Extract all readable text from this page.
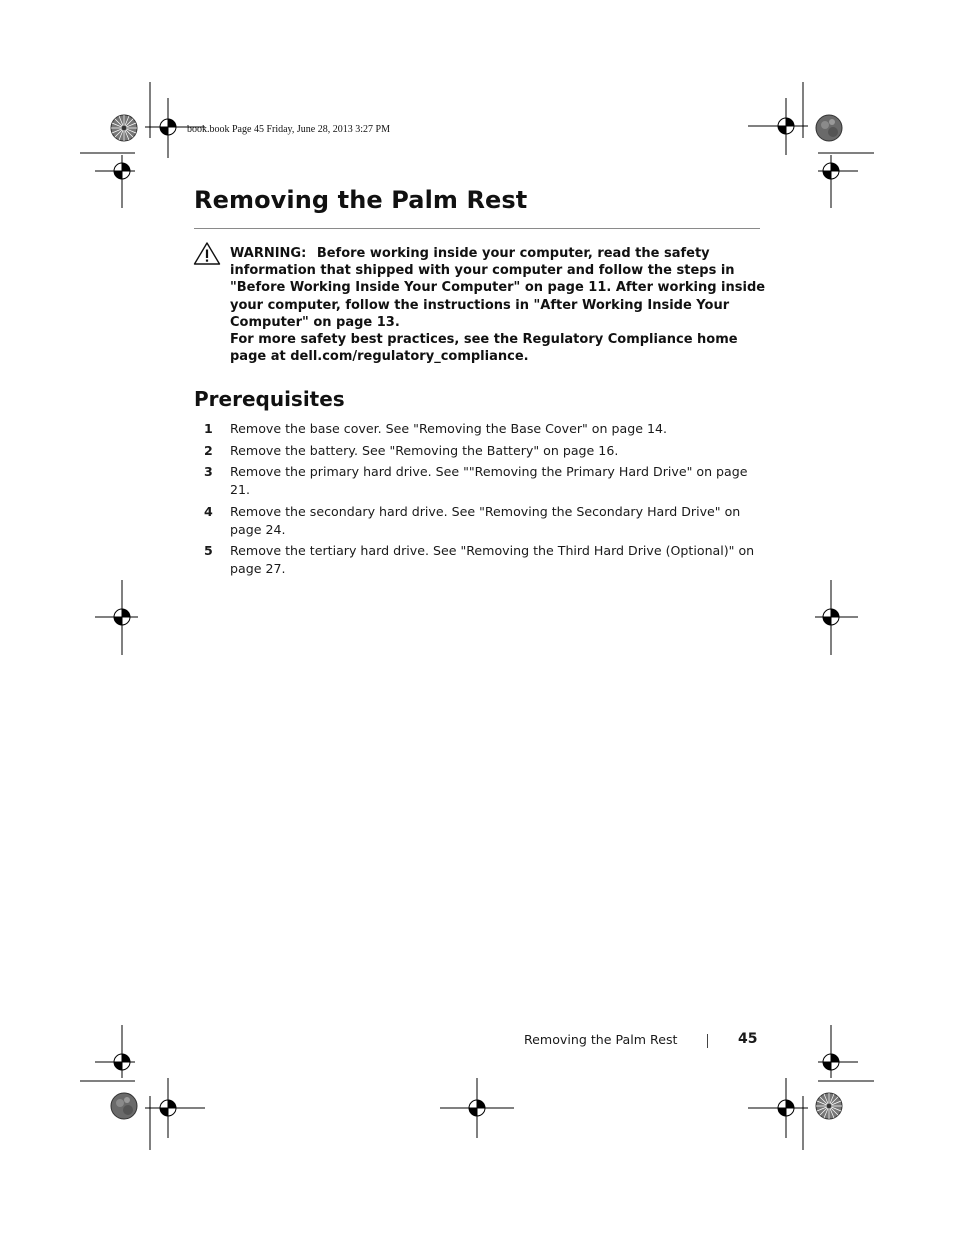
book.book Page 45 Friday, June 28, 2013 3:27 PM
Removing the Palm Rest

WARNING: Before working inside your computer, read the safety information that shipped with your computer and follow the steps in "Before Working Inside Your Computer" on page 11. After working inside your computer, follow the instructions in "After Working Inside Your Computer" on page 13.

For more safety best practices, see the Regulatory Compliance home page at dell.com/regulatory_compliance.

Prerequisites
1 Remove the base cover. See "Removing the Base Cover" on page 14.
2 Remove the battery. See "Removing the Battery" on page 16.
3 Remove the primary hard drive. See ""Removing the Primary Hard Drive" on page 21.
4 Remove the secondary hard drive. See "Removing the Secondary Hard Drive" on page 24.
5 Remove the tertiary hard drive. See "Removing the Third Hard Drive (Optional)" on page 27.
Removing the Palm Rest	45
